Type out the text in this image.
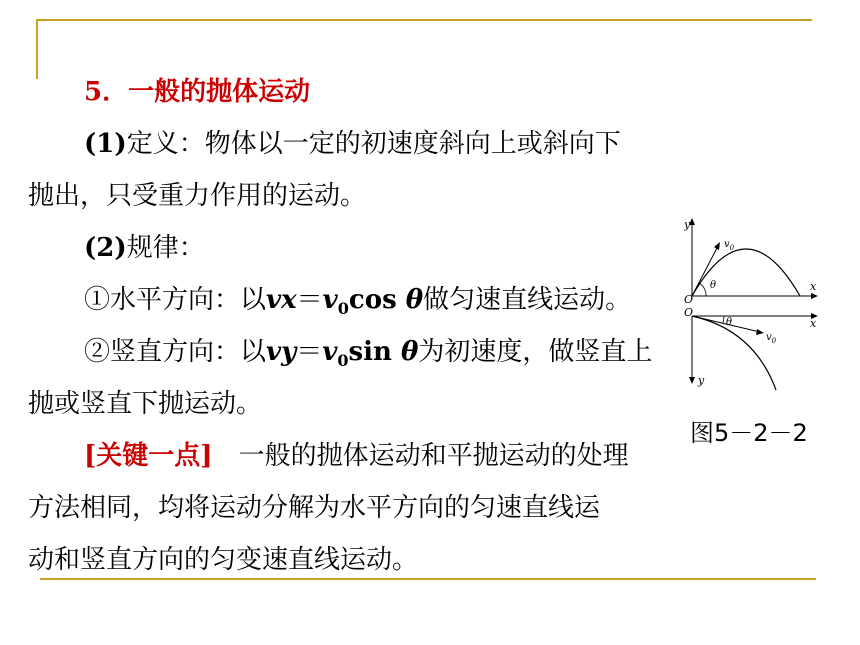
5．一般的抛体运动
(1)定义：物体以一定的初速度斜向上或斜向下
抛出，只受重力作用的运动。
(2)规律：
①水平方向：以$vx=v_0\cos$ θ做匀速直线运动。
②竖直方向：以$vy=v_0\sin$ θ为初速度，做竖直上
抛或竖直下抛运动。
[关键一点]　一般的抛体运动和平抛运动的处理
方法相同，均将运动分解为水平方向的匀速直线运
动和竖直方向的匀变速直线运动。
y
$v_0$
θ	x
O
O
θ	x
$v_0$
y
图5－2－2
